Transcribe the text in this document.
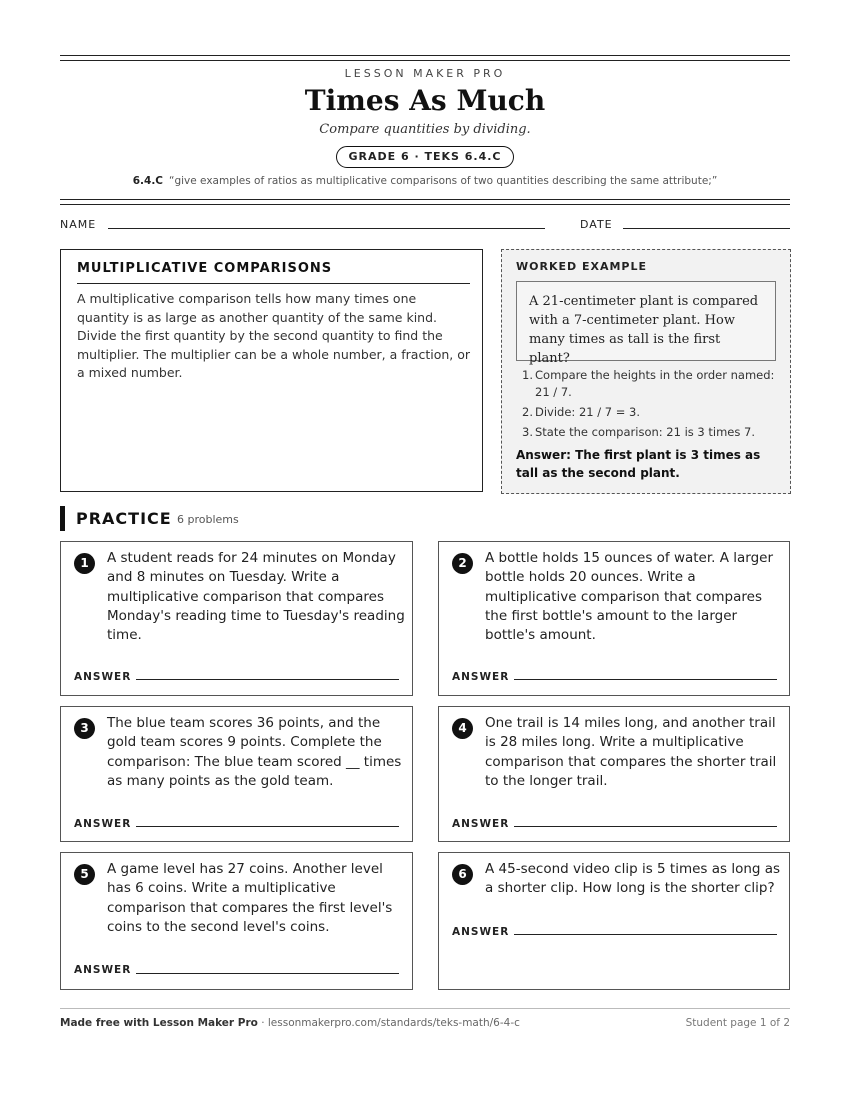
LESSON MAKER PRO
Times As Much
Compare quantities by dividing.
GRADE 6 · TEKS 6.4.C
6.4.C “give examples of ratios as multiplicative comparisons of two quantities describing the same attribute;”
NAME	DATE
MULTIPLICATIVE COMPARISONS
A multiplicative comparison tells how many times one quantity is as large as another quantity of the same kind. Divide the first quantity by the second quantity to find the multiplier. The multiplier can be a whole number, a fraction, or a mixed number.
WORKED EXAMPLE
A 21-centimeter plant is compared with a 7-centimeter plant. How many times as tall is the first plant?
1. Compare the heights in the order named: 21 / 7.
2. Divide: 21 / 7 = 3.
3. State the comparison: 21 is 3 times 7.
Answer: The first plant is 3 times as tall as the second plant.
PRACTICE 6 problems
1	A student reads for 24 minutes on Monday and 8 minutes on Tuesday. Write a multiplicative comparison that compares Monday's reading time to Tuesday's reading time.
ANSWER
2	A bottle holds 15 ounces of water. A larger bottle holds 20 ounces. Write a multiplicative comparison that compares the first bottle's amount to the larger bottle's amount.
ANSWER
3	The blue team scores 36 points, and the gold team scores 9 points. Complete the comparison: The blue team scored __ times as many points as the gold team.
ANSWER
4	One trail is 14 miles long, and another trail is 28 miles long. Write a multiplicative comparison that compares the shorter trail to the longer trail.
ANSWER
5	A game level has 27 coins. Another level has 6 coins. Write a multiplicative comparison that compares the first level's coins to the second level's coins.
ANSWER
6	A 45-second video clip is 5 times as long as a shorter clip. How long is the shorter clip?
ANSWER
Made free with Lesson Maker Pro · lessonmakerpro.com/standards/teks-math/6-4-c	Student page 1 of 2
